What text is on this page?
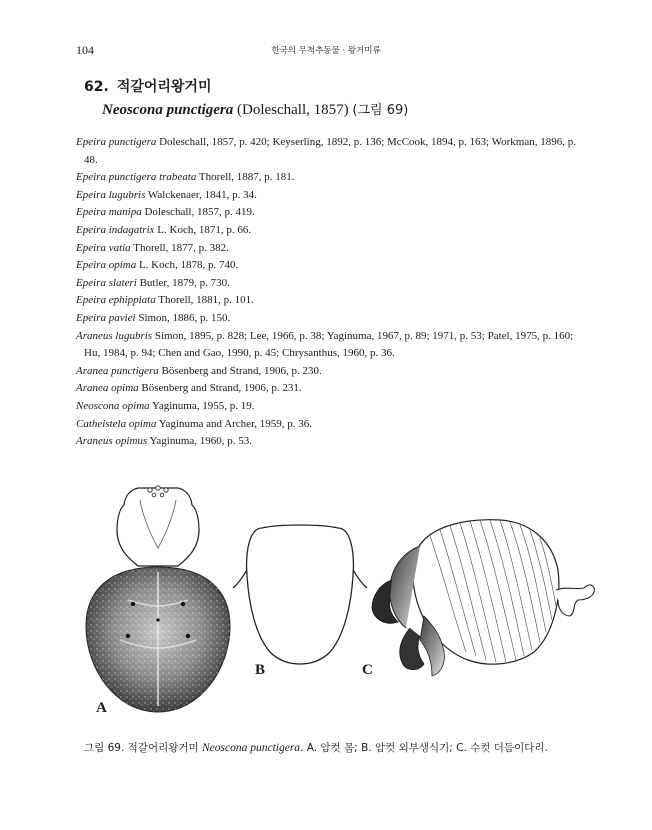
104	한국의 무척추동물 · 왕거미류
62. 적갈어리왕거미
Neoscona punctigera (Doleschall, 1857) (그림 69)
Epeira punctigera Doleschall, 1857, p. 420; Keyserling, 1892, p. 136; McCook, 1894, p. 163; Workman, 1896, p. 48.
Epeira punctigera trabeata Thorell, 1887, p. 181.
Epeira lugubris Walckenaer, 1841, p. 34.
Epeira manipa Doleschall, 1857, p. 419.
Epeira indagatrix L. Koch, 1871, p. 66.
Epeira vatia Thorell, 1877, p. 382.
Epeira opima L. Koch, 1878, p. 740.
Epeira slateri Butler, 1879, p. 730.
Epeira ephippiata Thorell, 1881, p. 101.
Epeira paviei Simon, 1886, p. 150.
Araneus lugubris Simon, 1895, p. 828; Lee, 1966, p. 38; Yaginuma, 1967, p. 89; 1971, p. 53; Patel, 1975, p. 160; Hu, 1984, p. 94; Chen and Gao, 1990, p. 45; Chrysanthus, 1960, p. 36.
Aranea punctigera Bösenberg and Strand, 1906, p. 230.
Aranea opima Bösenberg and Strand, 1906, p. 231.
Neoscona opima Yaginuma, 1955, p. 19.
Catheistela opima Yaginuma and Archer, 1959, p. 36.
Araneus opimus Yaginuma, 1960, p. 53.
A
B	C
그림 69. 적갈어리왕거미 Neoscona punctigera. A. 암컷 몸; B. 암컷 외부생식기; C. 수컷 더듬이다리.
